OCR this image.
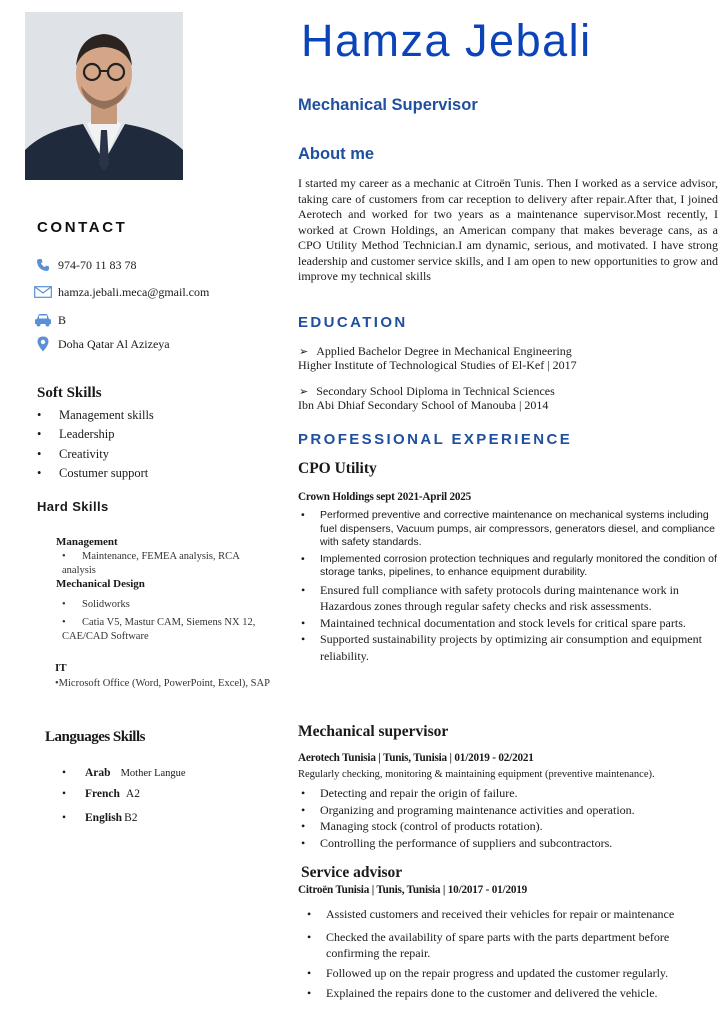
CONTACT
974-70 11 83 78
hamza.jebali.meca@gmail.com
B
Doha Qatar Al Azizeya
Soft Skills
• Management skills
• Leadership
• Creativity
• Costumer support
Hard Skills
Management
• Maintenance, FEMEA analysis, RCA analysis
Mechanical Design
• Solidworks
• Catia V5, Mastur CAM, Siemens NX 12, CAE/CAD Software
IT
•Microsoft Office (Word, PowerPoint, Excel), SAP
Languages Skills
• Arab Mother Langue
• French A2
• English B2
Hamza Jebali
Mechanical Supervisor
About me
I started my career as a mechanic at Citroën Tunis. Then I worked as a service advisor, taking care of customers from car reception to delivery after repair.After that, I joined Aerotech and worked for two years as a maintenance supervisor.Most recently, I worked at Crown Holdings, an American company that makes beverage cans, as a CPO Utility Method Technician.I am dynamic, serious, and motivated. I have strong leadership and customer service skills, and I am open to new opportunities to grow and improve my technical skills
EDUCATION
➢ Applied Bachelor Degree in Mechanical Engineering
Higher Institute of Technological Studies of El-Kef | 2017
➢ Secondary School Diploma in Technical Sciences
Ibn Abi Dhiaf Secondary School of Manouba | 2014
PROFESSIONAL EXPERIENCE
CPO Utility
Crown Holdings sept 2021-April 2025
• Performed preventive and corrective maintenance on mechanical systems including fuel dispensers, Vacuum pumps, air compressors, generators diesel, and compliance with safety standards.
• Implemented corrosion protection techniques and regularly monitored the condition of storage tanks, pipelines, to enhance equipment durability.
• Ensured full compliance with safety protocols during maintenance work in Hazardous zones through regular safety checks and risk assessments.
• Maintained technical documentation and stock levels for critical spare parts.
• Supported sustainability projects by optimizing air consumption and equipment reliability.
Mechanical supervisor
Aerotech Tunisia | Tunis, Tunisia | 01/2019 - 02/2021
Regularly checking, monitoring & maintaining equipment (preventive maintenance).
• Detecting and repair the origin of failure.
• Organizing and programing maintenance activities and operation.
• Managing stock (control of products rotation).
• Controlling the performance of suppliers and subcontractors.
Service advisor
Citroën Tunisia | Tunis, Tunisia | 10/2017 - 01/2019
• Assisted customers and received their vehicles for repair or maintenance
• Checked the availability of spare parts with the parts department before confirming the repair.
• Followed up on the repair progress and updated the customer regularly.
• Explained the repairs done to the customer and delivered the vehicle.
